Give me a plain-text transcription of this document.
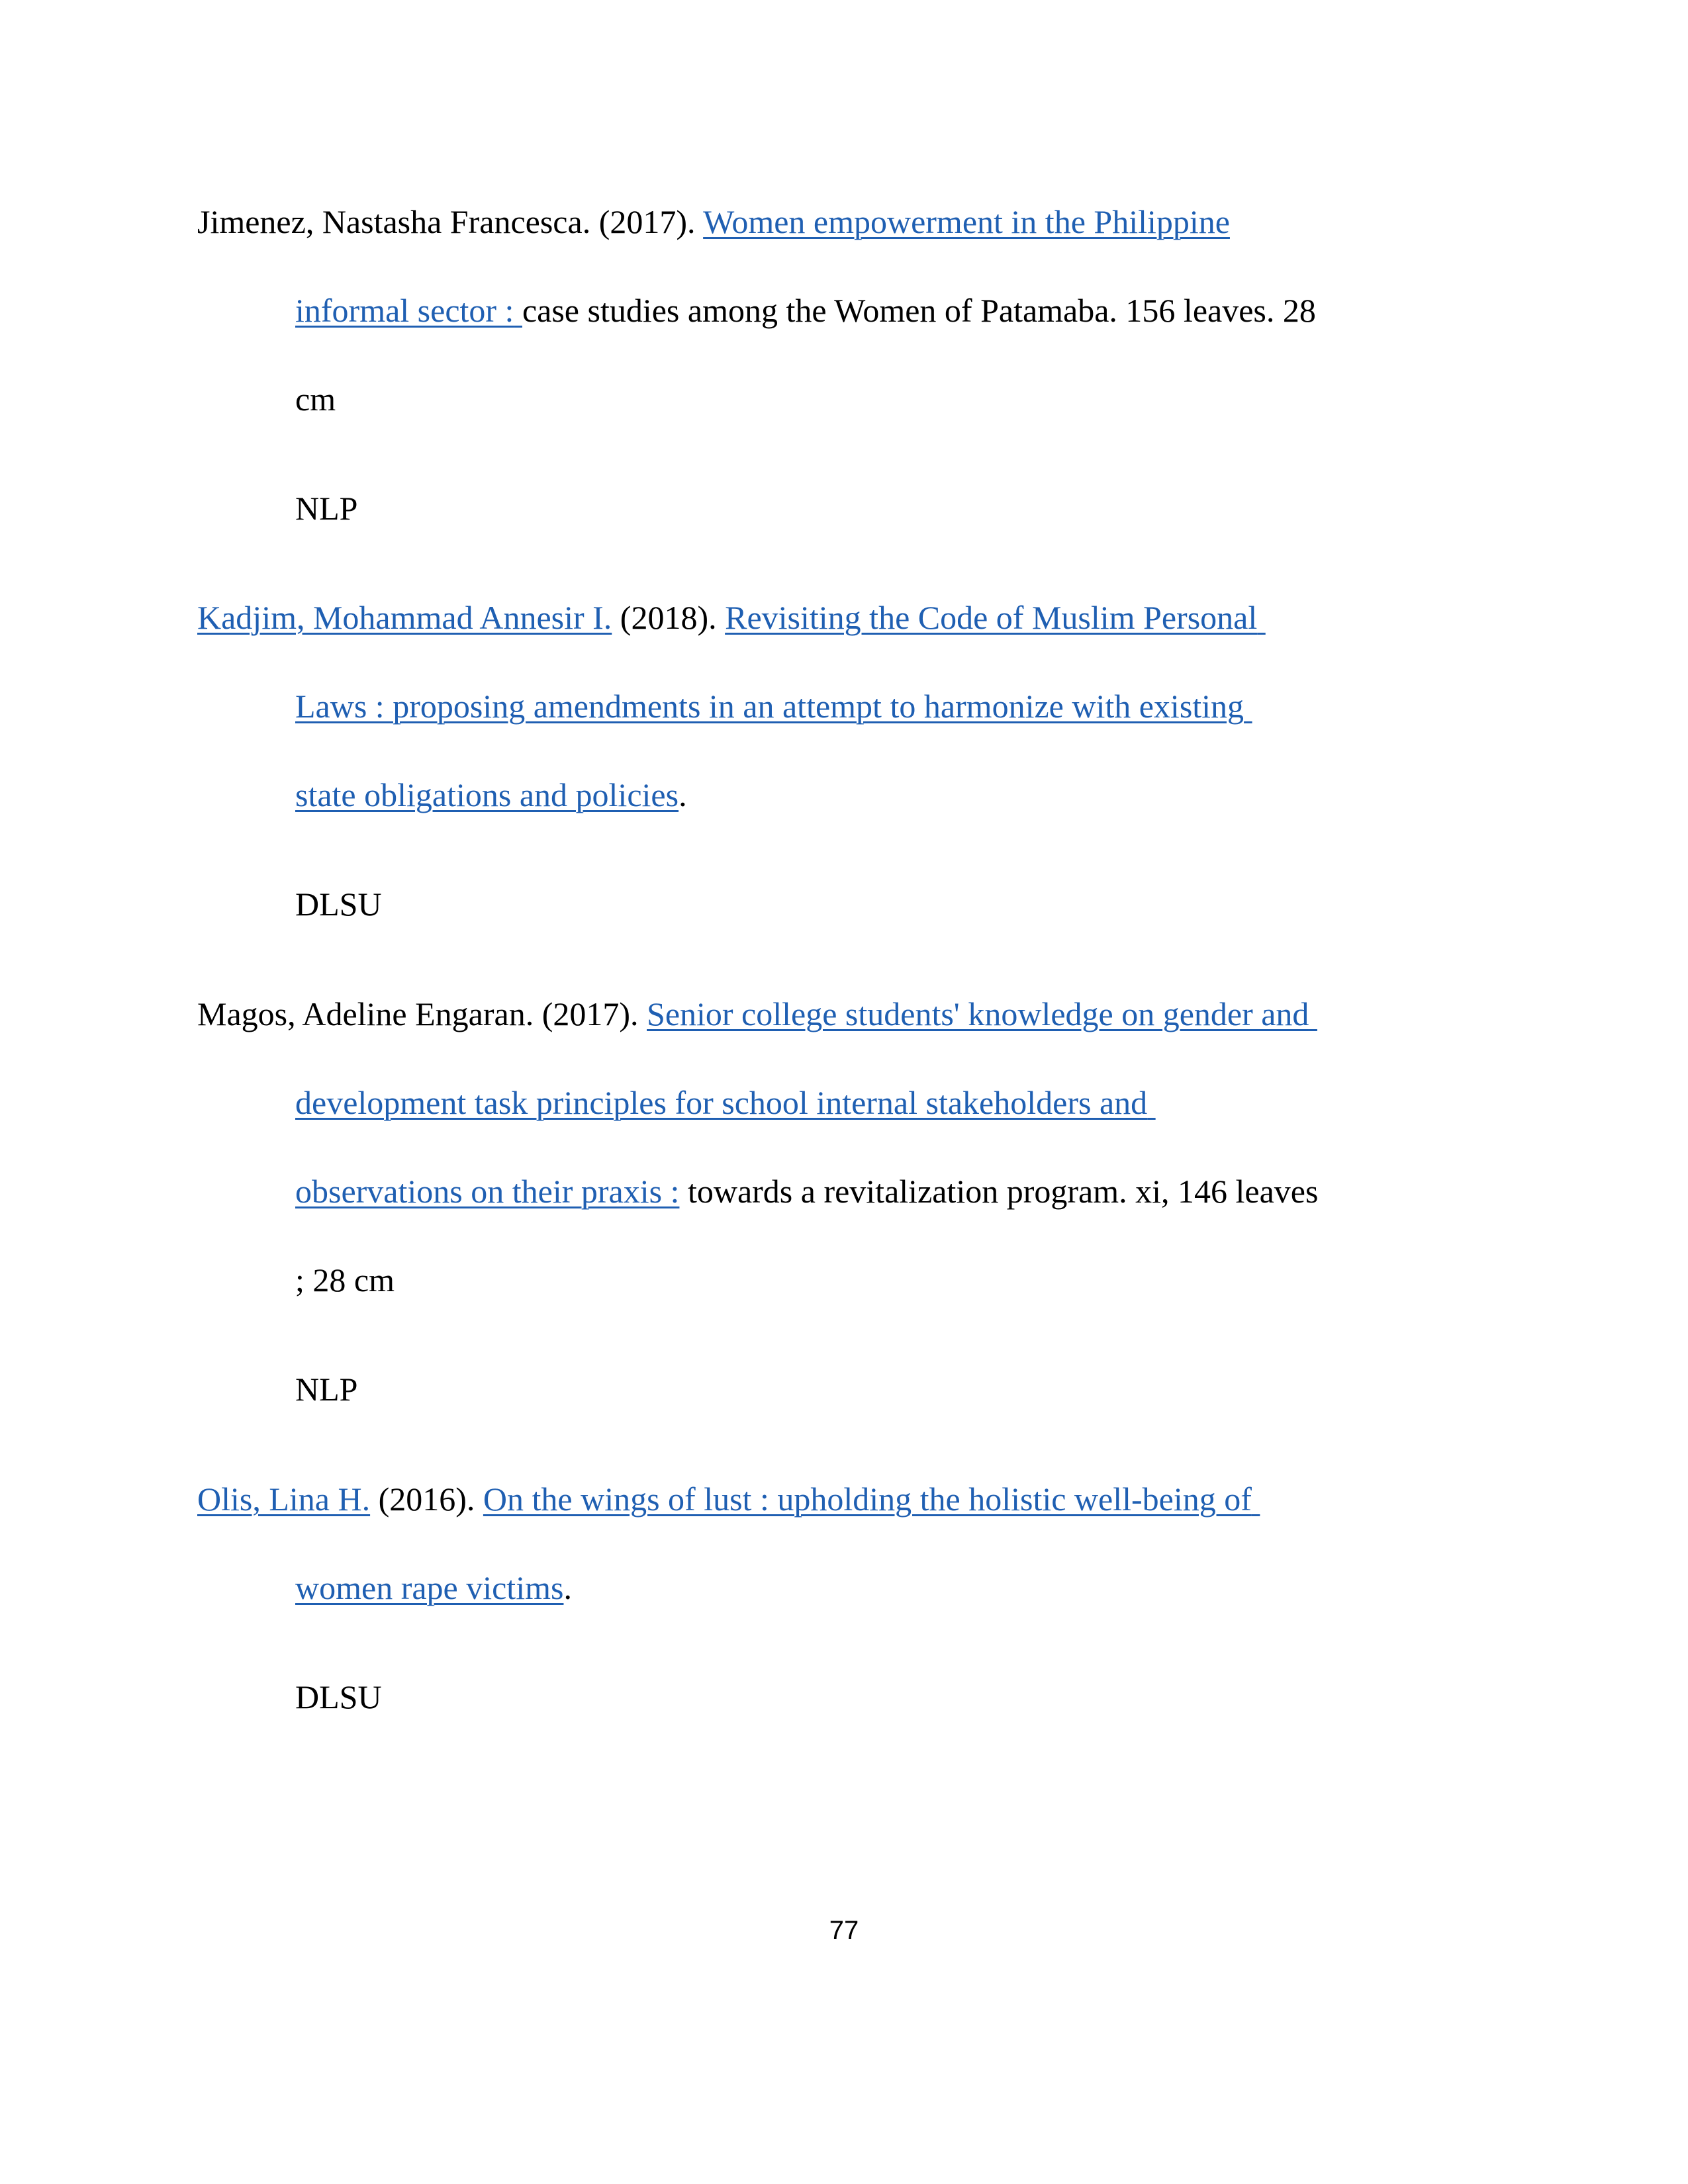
Jimenez, Nastasha Francesca. (2017). Women empowerment in the Philippine
informal sector : case studies among the Women of Patamaba. 156 leaves. 28
cm
NLP
Kadjim, Mohammad Annesir I. (2018). Revisiting the Code of Muslim Personal
Laws : proposing amendments in an attempt to harmonize with existing
state obligations and policies.
DLSU
Magos, Adeline Engaran. (2017). Senior college students' knowledge on gender and
development task principles for school internal stakeholders and
observations on their praxis : towards a revitalization program. xi, 146 leaves
; 28 cm
NLP
Olis, Lina H. (2016). On the wings of lust : upholding the holistic well-being of
women rape victims.
DLSU
77
